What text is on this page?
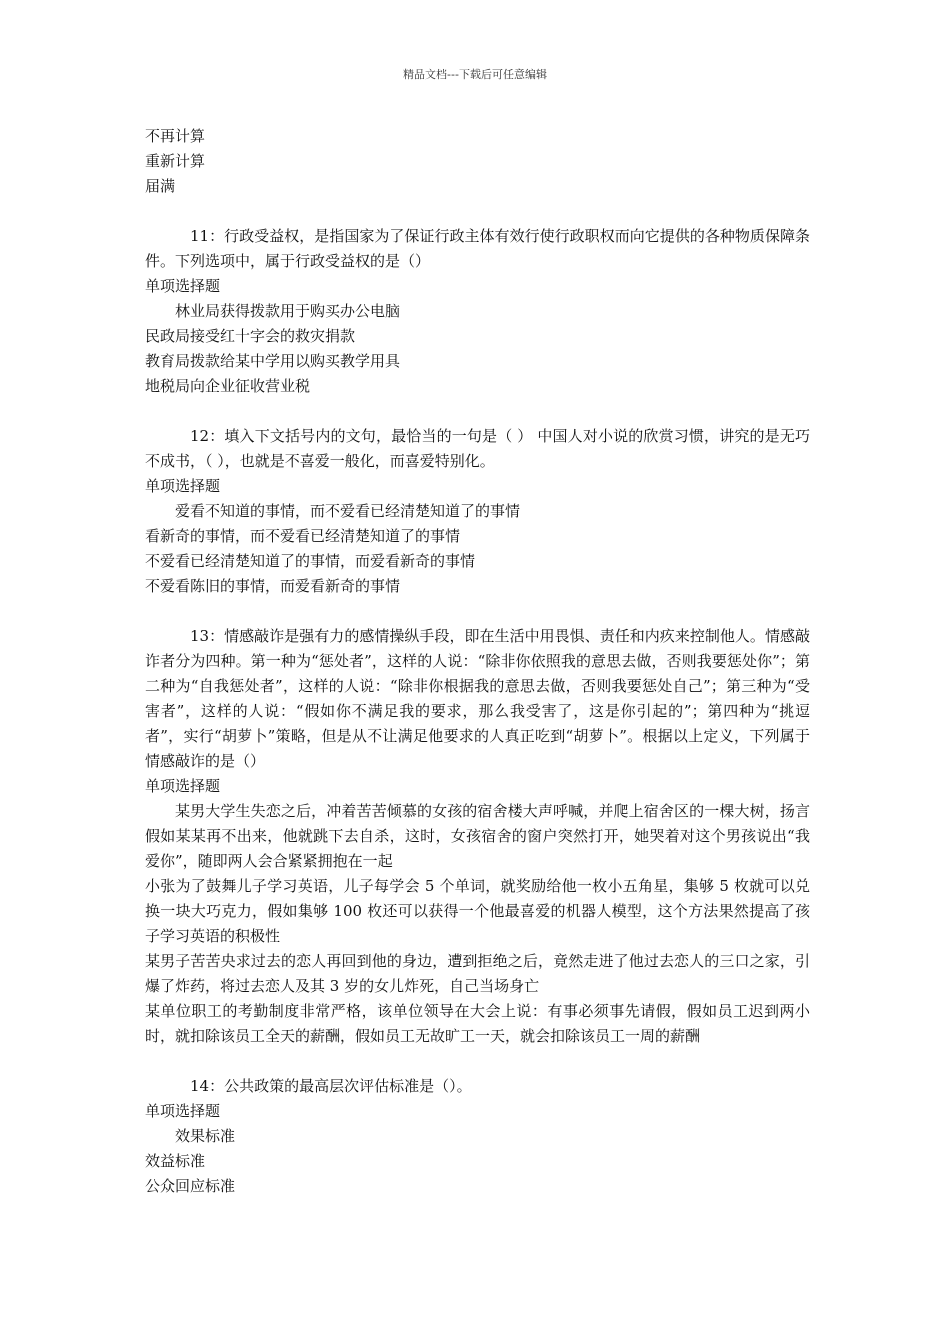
精品文档---下载后可任意编辑
不再计算
重新计算
届满
11：行政受益权，是指国家为了保证行政主体有效行使行政职权而向它提供的各种物质保障条件。下列选项中，属于行政受益权的是（）
单项选择题
林业局获得拨款用于购买办公电脑
民政局接受红十字会的救灾捐款
教育局拨款给某中学用以购买教学用具
地税局向企业征收营业税
12：填入下文括号内的文句，最恰当的一句是（ ） 中国人对小说的欣赏习惯，讲究的是无巧不成书，（ ），也就是不喜爱一般化，而喜爱特别化。
单项选择题
爱看不知道的事情，而不爱看已经清楚知道了的事情
看新奇的事情，而不爱看已经清楚知道了的事情
不爱看已经清楚知道了的事情，而爱看新奇的事情
不爱看陈旧的事情，而爱看新奇的事情
13：情感敲诈是强有力的感情操纵手段，即在生活中用畏惧、责任和内疚来控制他人。情感敲诈者分为四种。第一种为“惩处者”，这样的人说：“除非你依照我的意思去做，否则我要惩处你”；第二种为“自我惩处者”，这样的人说：“除非你根据我的意思去做，否则我要惩处自己”；第三种为“受害者”，这样的人说：“假如你不满足我的要求，那么我受害了，这是你引起的”；第四种为“挑逗者”，实行“胡萝卜”策略，但是从不让满足他要求的人真正吃到“胡萝卜”。根据以上定义，下列属于情感敲诈的是（）
单项选择题
某男大学生失恋之后，冲着苦苦倾慕的女孩的宿舍楼大声呼喊，并爬上宿舍区的一棵大树，扬言假如某某再不出来，他就跳下去自杀，这时，女孩宿舍的窗户突然打开，她哭着对这个男孩说出“我爱你”，随即两人会合紧紧拥抱在一起
小张为了鼓舞儿子学习英语，儿子每学会 5 个单词，就奖励给他一枚小五角星，集够 5 枚就可以兑换一块大巧克力，假如集够 100 枚还可以获得一个他最喜爱的机器人模型，这个方法果然提高了孩子学习英语的积极性
某男子苦苦央求过去的恋人再回到他的身边，遭到拒绝之后，竟然走进了他过去恋人的三口之家，引爆了炸药，将过去恋人及其 3 岁的女儿炸死，自己当场身亡
某单位职工的考勤制度非常严格，该单位领导在大会上说：有事必须事先请假，假如员工迟到两小时，就扣除该员工全天的薪酬，假如员工无故旷工一天，就会扣除该员工一周的薪酬
14：公共政策的最高层次评估标准是（）。
单项选择题
效果标准
效益标准
公众回应标准
